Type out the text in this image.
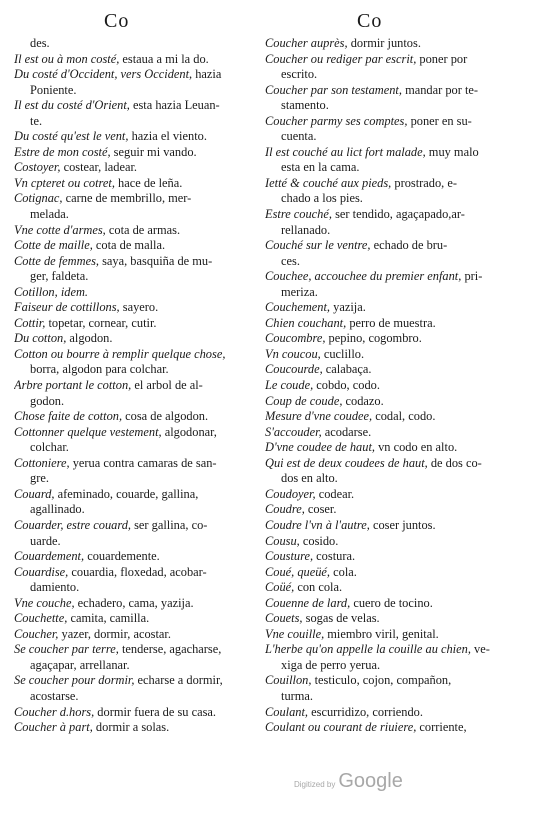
Co	Co
des.
Il est ou à mon costé, estaua a mi la do.
Du costé d'Occident, vers Occident, hazia
Poniente.
Il est du costé d'Orient, esta hazia Leuan-
te.
Du costé qu'est le vent, hazia el viento.
Estre de mon costé, seguir mi vando.
Costoyer, costear, ladear.
Vn cpteret ou cotret, hace de leña.
Cotignac, carne de membrillo, mer-
melada.
Vne cotte d'armes, cota de armas.
Cotte de maille, cota de malla.
Cotte de femmes, saya, basquiña de mu-
ger, faldeta.
Cotillon, idem.
Faiseur de cottillons, sayero.
Cottir, topetar, cornear, cutir.
Du cotton, algodon.
Cotton ou bourre à remplir quelque chose,
borra, algodon para colchar.
Arbre portant le cotton, el arbol de al-
godon.
Chose faite de cotton, cosa de algodon.
Cottonner quelque vestement, algodonar,
colchar.
Cottoniere, yerua contra camaras de san-
gre.
Couard, afeminado, couarde, gallina,
agallinado.
Couarder, estre couard, ser gallina, co-
uarde.
Couardement, couardemente.
Couardise, couardia, floxedad, acobar-
damiento.
Vne couche, echadero, cama, yazija.
Couchette, camita, camilla.
Coucher, yazer, dormir, acostar.
Se coucher par terre, tenderse, agacharse,
agaçapar, arrellanar.
Se coucher pour dormir, echarse a dormir,
acostarse.
Coucher d.hors, dormir fuera de su casa.
Coucher à part, dormir a solas.
Coucher auprès, dormir juntos.
Coucher ou rediger par escrit, poner por
escrito.
Coucher par son testament, mandar por te-
stamento.
Coucher parmy ses comptes, poner en su-
cuenta.
Il est couché au lict fort malade, muy malo
esta en la cama.
Ietté & couché aux pieds, prostrado, e-
chado a los pies.
Estre couché, ser tendido, agaçapado,ar-
rellanado.
Couché sur le ventre, echado de bru-
ces.
Couchee, accouchee du premier enfant, pri-
meriza.
Couchement, yazija.
Chien couchant, perro de muestra.
Coucombre, pepino, cogombro.
Vn coucou, cuclillo.
Coucourde, calabaça.
Le coude, cobdo, codo.
Coup de coude, codazo.
Mesure d'vne coudee, codal, codo.
S'accouder, acodarse.
D'vne coudee de haut, vn codo en alto.
Qui est de deux coudees de haut, de dos co-
dos en alto.
Coudoyer, codear.
Coudre, coser.
Coudre l'vn à l'autre, coser juntos.
Cousu, cosido.
Cousture, costura.
Coué, queüé, cola.
Coüé, con cola.
Couenne de lard, cuero de tocino.
Couets, sogas de velas.
Vne couille, miembro viril, genital.
L'herbe qu'on appelle la couille au chien, ve-
xiga de perro yerua.
Couillon, testiculo, cojon, compañon,
turma.
Coulant, escurridizo, corriendo.
Coulant ou courant de riuiere, corriente,
Digitized by Google
